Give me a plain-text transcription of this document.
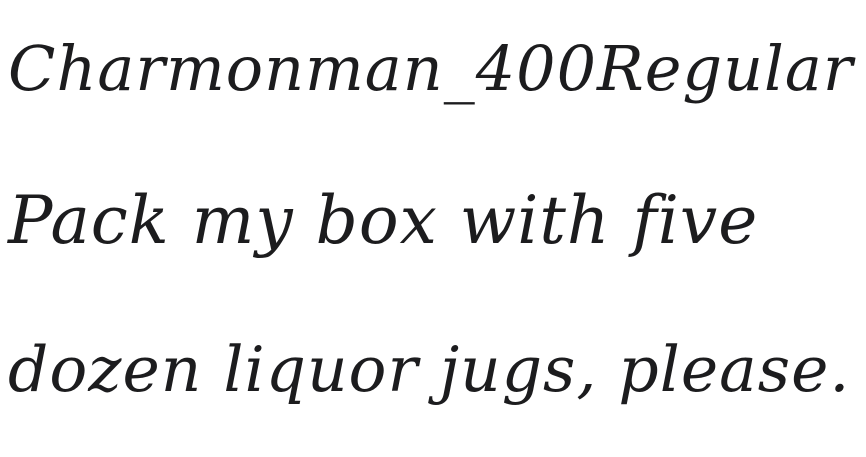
Charmonman_400Regular

Pack my box with five

dozen liquor jugs, please.
